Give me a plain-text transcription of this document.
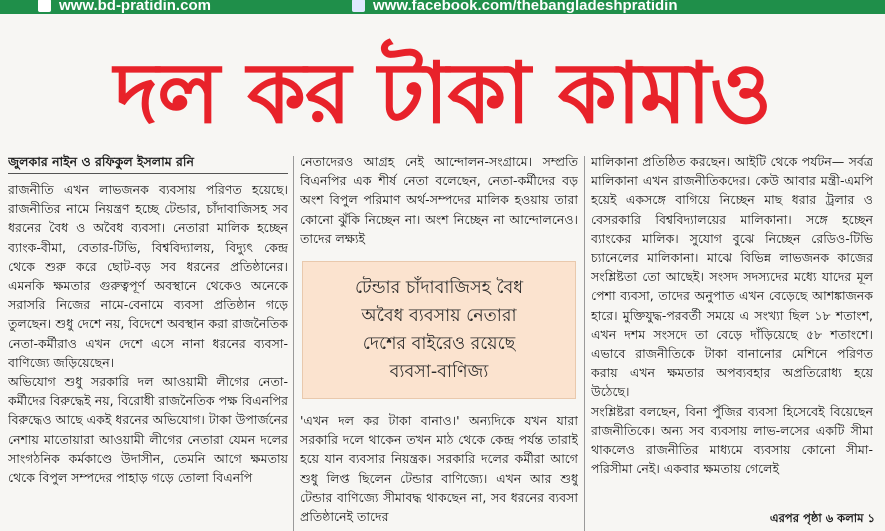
www.bd-pratidin.com	www.facebook.com/thebangladeshpratidin
দল কর টাকা কামাও
জুলকার নাইন ও রফিকুল ইসলাম রনি

রাজনীতি এখন লাভজনক ব্যবসায় পরিণত হয়েছে। রাজনীতির নামে নিয়ন্ত্রণ হচ্ছে টেন্ডার, চাঁদাবাজিসহ সব ধরনের বৈধ ও অবৈধ ব্যবসা। নেতারা মালিক হচ্ছেন ব্যাংক-বীমা, বেতার-টিভি, বিশ্ববিদ্যালয়, বিদ্যুৎ কেন্দ্র থেকে শুরু করে ছোট-বড় সব ধরনের প্রতিষ্ঠানের। এমনকি ক্ষমতার গুরুত্বপূর্ণ অবস্থানে থেকেও অনেকে সরাসরি নিজের নামে-বেনামে ব্যবসা প্রতিষ্ঠান গড়ে তুলছেন। শুধু দেশে নয়, বিদেশে অবস্থান করা রাজনৈতিক নেতা-কর্মীরাও এখন দেশে এসে নানা ধরনের ব্যবসা-বাণিজ্যে জড়িয়েছেন।

অভিযোগ শুধু সরকারি দল আওয়ামী লীগের নেতা-কর্মীদের বিরুদ্ধেই নয়, বিরোধী রাজনৈতিক পক্ষ বিএনপির বিরুদ্ধেও আছে একই ধরনের অভিযোগ। টাকা উপার্জনের নেশায় মাতোয়ারা আওয়ামী লীগের নেতারা যেমন দলের সাংগঠনিক কর্মকাণ্ডে উদাসীন, তেমনি আগে ক্ষমতায় থেকে বিপুল সম্পদের পাহাড় গড়ে তোলা বিএনপি

নেতাদেরও আগ্রহ নেই আন্দোলন-সংগ্রামে। সম্প্রতি বিএনপির এক শীর্ষ নেতা বলেছেন, নেতা-কর্মীদের বড় অংশ বিপুল পরিমাণ অর্থ-সম্পদের মালিক হওয়ায় তারা কোনো ঝুঁকি নিচ্ছেন না। অংশ নিচ্ছেন না আন্দোলনেও। তাদের লক্ষ্যই

টেন্ডার চাঁদাবাজিসহ বৈধ
অবৈধ ব্যবসায় নেতারা
দেশের বাইরেও রয়েছে
ব্যবসা-বাণিজ্য

'এখন দল কর টাকা বানাও।' অন্যদিকে যখন যারা সরকারি দলে থাকেন তখন মাঠ থেকে কেন্দ্র পর্যন্ত তারাই হয়ে যান ব্যবসার নিয়ন্ত্রক। সরকারি দলের কর্মীরা আগে শুধু লিপ্ত ছিলেন টেন্ডার বাণিজ্যে। এখন আর শুধু টেন্ডার বাণিজ্যে সীমাবদ্ধ থাকছেন না, সব ধরনের ব্যবসা প্রতিষ্ঠানেই তাদের

মালিকানা প্রতিষ্ঠিত করছেন। আইটি থেকে পর্যটন— সর্বত্র মালিকানা এখন রাজনীতিকদের। কেউ আবার মন্ত্রী-এমপি হয়েই একসঙ্গে বাগিয়ে নিচ্ছেন মাছ ধরার ট্রলার ও বেসরকারি বিশ্ববিদ্যালয়ের মালিকানা। সঙ্গে হচ্ছেন ব্যাংকের মালিক। সুযোগ বুঝে নিচ্ছেন রেডিও-টিভি চ্যানেলের মালিকানা। মাঝে বিভিন্ন লাভজনক কাজের সংশ্লিষ্টতা তো আছেই। সংসদ সদস্যদের মধ্যে যাদের মূল পেশা ব্যবসা, তাদের অনুপাত এখন বেড়েছে আশঙ্কাজনক হারে। মুক্তিযুদ্ধ-পরবর্তী সময়ে এ সংখ্যা ছিল ১৮ শতাংশ, এখন দশম সংসদে তা বেড়ে দাঁড়িয়েছে ৫৮ শতাংশে। এভাবে রাজনীতিকে টাকা বানানোর মেশিনে পরিণত করায় এখন ক্ষমতার অপব্যবহার অপ্রতিরোধ্য হয়ে উঠেছে।

সংশ্লিষ্টরা বলছেন, বিনা পুঁজির ব্যবসা হিসেবেই বিয়েছেন রাজনীতিকে। অন্য সব ব্যবসায় লাভ-লসের একটি সীমা থাকলেও রাজনীতির মাধ্যমে ব্যবসায় কোনো সীমা-পরিসীমা নেই। একবার ক্ষমতায় গেলেই

এরপর পৃষ্ঠা ৬ কলাম ১
